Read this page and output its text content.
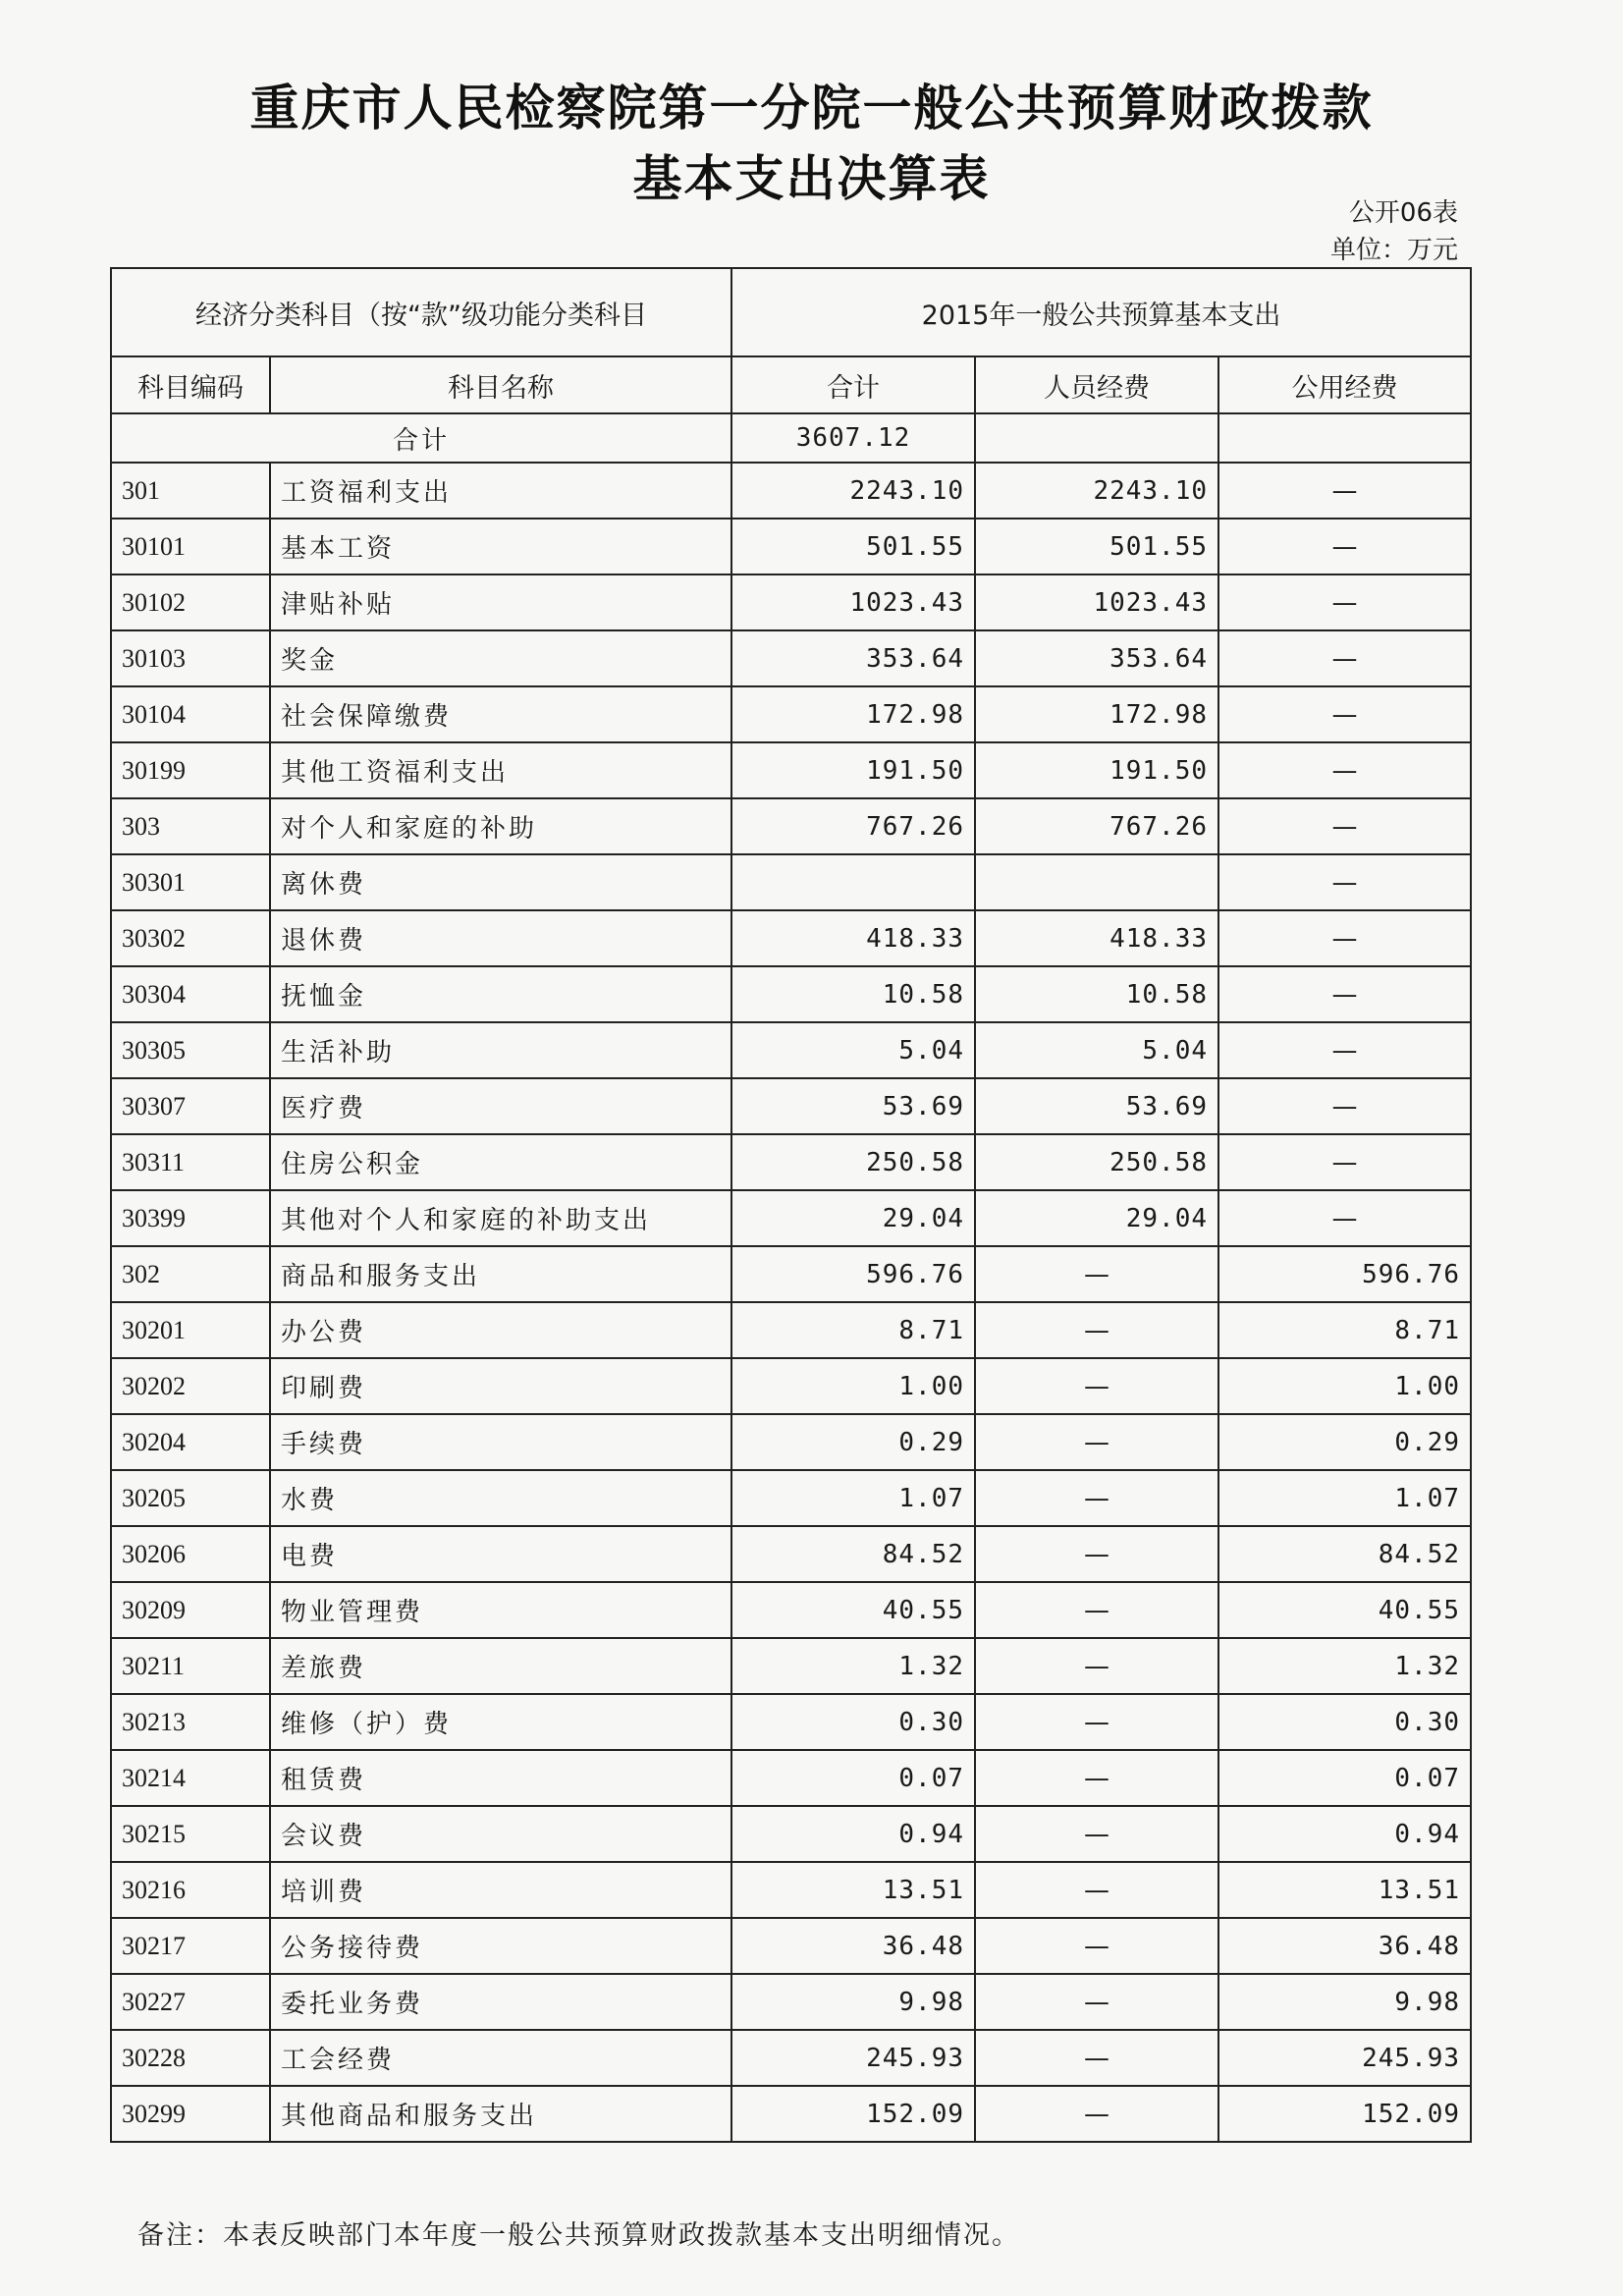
重庆市人民检察院第一分院一般公共预算财政拨款
基本支出决算表
公开06表
单位：万元
经济分类科目（按“款”级功能分类科目		2015年一般公共预算基本支出		
科目编码	科目名称	合计	人员经费	公用经费
合计		3607.12		
301	工资福利支出	2243.10	2243.10	—
30101	基本工资	501.55	501.55	—
30102	津贴补贴	1023.43	1023.43	—
30103	奖金	353.64	353.64	—
30104	社会保障缴费	172.98	172.98	—
30199	其他工资福利支出	191.50	191.50	—
303	对个人和家庭的补助	767.26	767.26	—
30301	离休费			—
30302	退休费	418.33	418.33	—
30304	抚恤金	10.58	10.58	—
30305	生活补助	5.04	5.04	—
30307	医疗费	53.69	53.69	—
30311	住房公积金	250.58	250.58	—
30399	其他对个人和家庭的补助支出	29.04	29.04	—
302	商品和服务支出	596.76	—	596.76
30201	办公费	8.71	—	8.71
30202	印刷费	1.00	—	1.00
30204	手续费	0.29	—	0.29
30205	水费	1.07	—	1.07
30206	电费	84.52	—	84.52
30209	物业管理费	40.55	—	40.55
30211	差旅费	1.32	—	1.32
30213	维修（护）费	0.30	—	0.30
30214	租赁费	0.07	—	0.07
30215	会议费	0.94	—	0.94
30216	培训费	13.51	—	13.51
30217	公务接待费	36.48	—	36.48
30227	委托业务费	9.98	—	9.98
30228	工会经费	245.93	—	245.93
30299	其他商品和服务支出	152.09	—	152.09
备注：本表反映部门本年度一般公共预算财政拨款基本支出明细情况。
